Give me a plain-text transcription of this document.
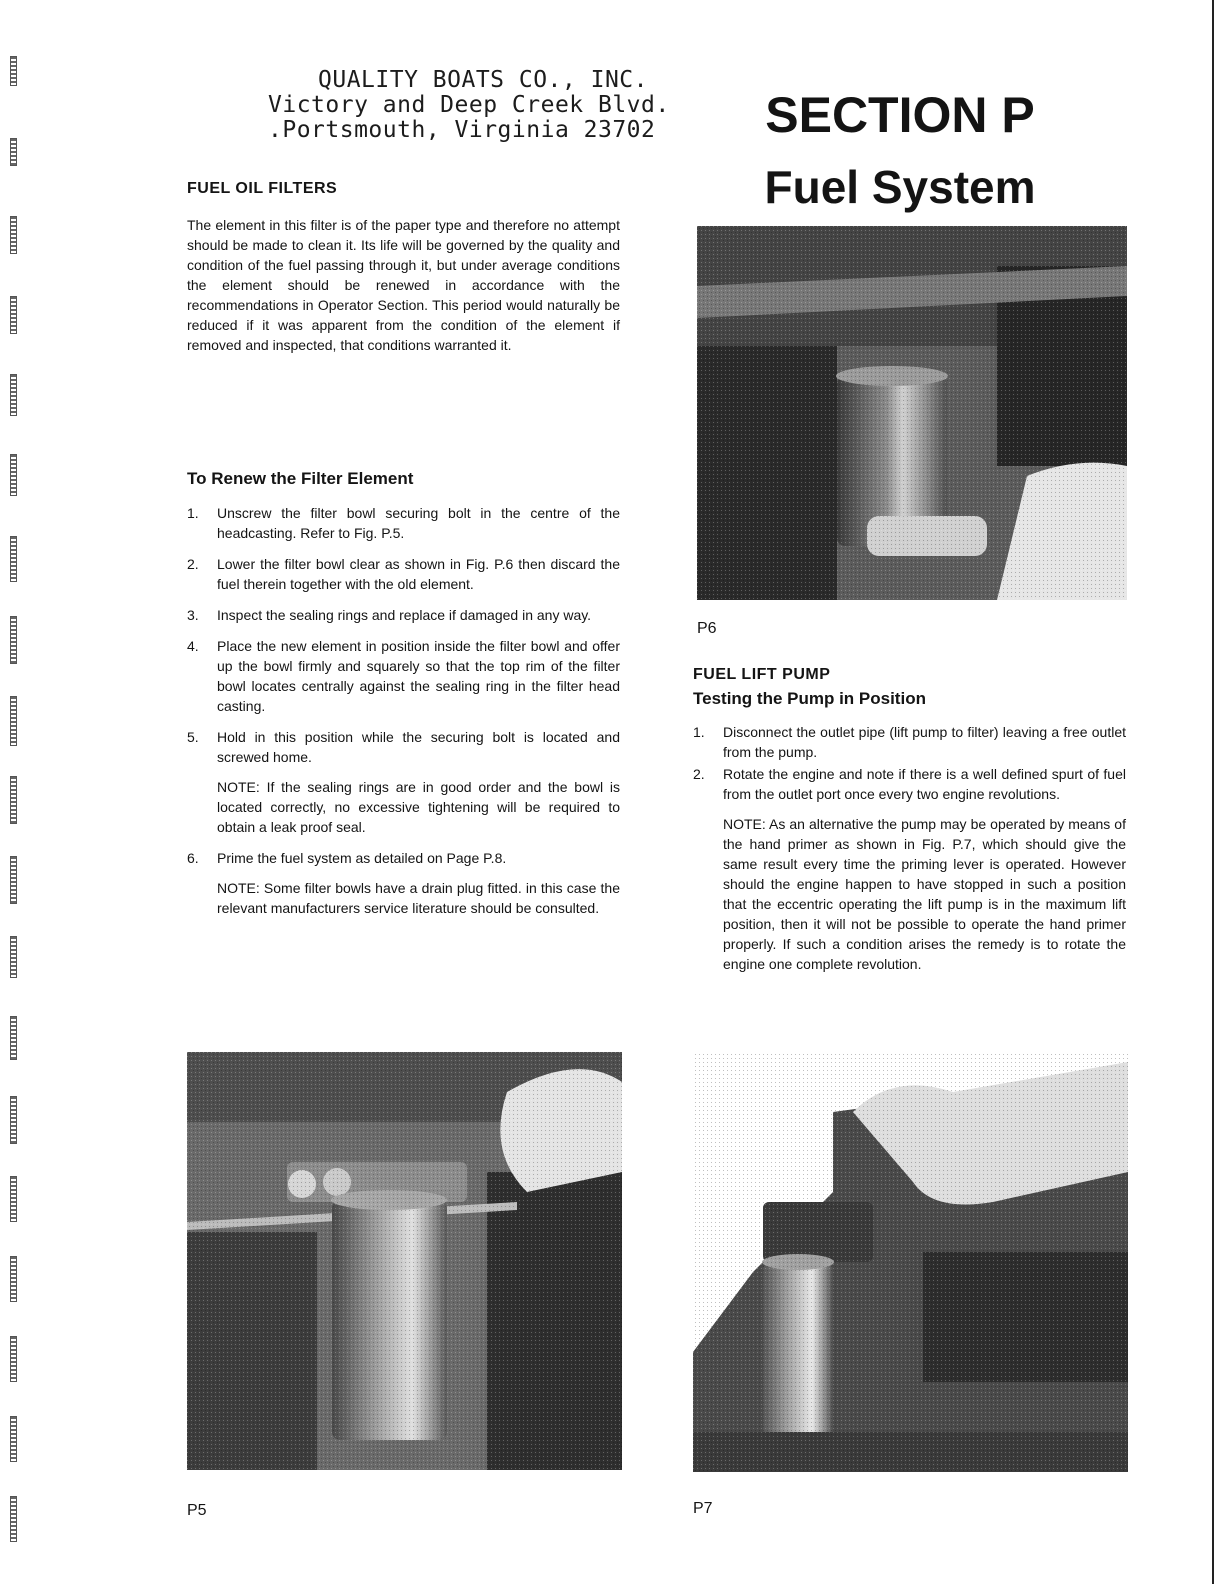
QUALITY BOATS CO., INC.
Victory and Deep Creek Blvd.
.Portsmouth, Virginia 23702	SECTION P
Fuel System
FUEL OIL FILTERS
The element in this filter is of the paper type and therefore no attempt should be made to clean it. Its life will be governed by the quality and condition of the fuel passing through it, but under average conditions the element should be renewed in accordance with the recommendations in Operator Section. This period would naturally be reduced if it was apparent from the condition of the element if removed and inspected, that conditions warranted it.
To Renew the Filter Element
1. Unscrew the filter bowl securing bolt in the centre of the headcasting. Refer to Fig. P.5.
2. Lower the filter bowl clear as shown in Fig. P.6 then discard the fuel therein together with the old element.
3. Inspect the sealing rings and replace if damaged in any way.
4. Place the new element in position inside the filter bowl and offer up the bowl firmly and squarely so that the top rim of the filter bowl locates centrally against the sealing ring in the filter head casting.
5. Hold in this position while the securing bolt is located and screwed home.
NOTE: If the sealing rings are in good order and the bowl is located correctly, no excessive tightening will be required to obtain a leak proof seal.
6. Prime the fuel system as detailed on Page P.8.
NOTE: Some filter bowls have a drain plug fitted. in this case the relevant manufacturers service literature should be consulted.
P6
FUEL LIFT PUMP
Testing the Pump in Position
1. Disconnect the outlet pipe (lift pump to filter) leaving a free outlet from the pump.
2. Rotate the engine and note if there is a well defined spurt of fuel from the outlet port once every two engine revolutions.
NOTE: As an alternative the pump may be operated by means of the hand primer as shown in Fig. P.7, which should give the same result every time the priming lever is operated. However should the engine happen to have stopped in such a position that the eccentric operating the lift pump is in the maximum lift position, then it will not be possible to operate the hand primer properly. If such a condition arises the remedy is to rotate the engine one complete revolution.
P5	P7
